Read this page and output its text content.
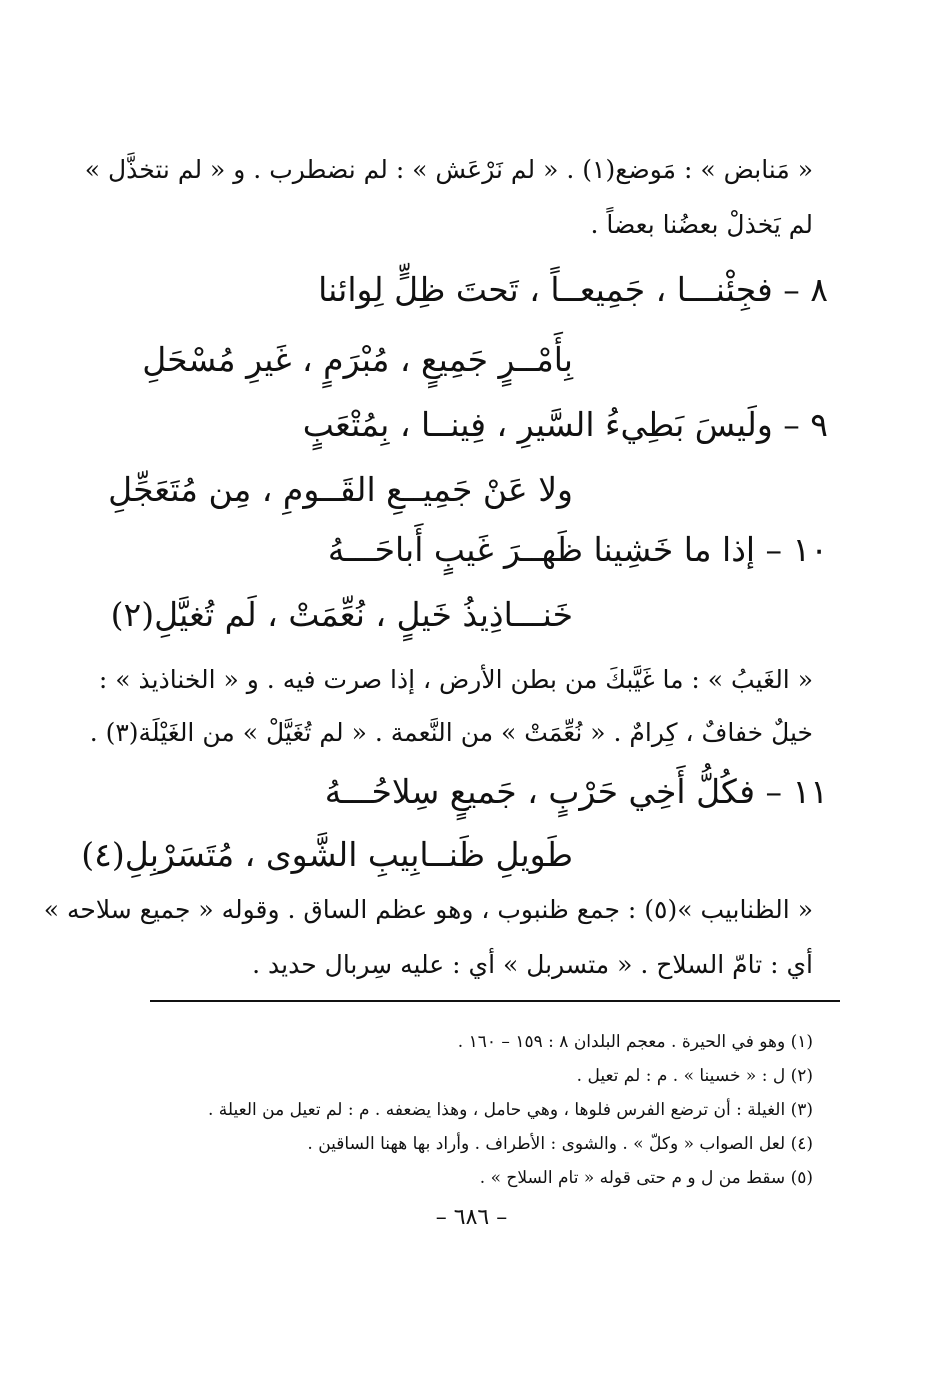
« مَنابض » : مَوضع(١) . « لم نَرْعَش » : لم نضطرب . و « لم نتخذَّل »
لم يَخذلْ بعضُنا بعضاً .
٨ – فجِئْنـــا ، جَمِيعــاً ، تَحتَ ظِلٍّ لِوائنا
بِأَمْــرٍ جَمِيعٍ ، مُبْرَمٍ ، غَيرِ مُسْحَلِ
٩ – ولَيسَ بَطِيءُ السَّيرِ ، فِينــا ، بِمُتْعَبٍ
ولا عَنْ جَمِيــعِ القَــومِ ، مِن مُتَعَجِّلِ
١٠ – إذا ما خَشِينا ظَهــرَ غَيبٍ أَباحَـــهُ
خَنـــاذِيذُ خَيلٍ ، نُعِّمَتْ ، لَم تُغيَّلِ(٢)
« الغَيبُ » : ما غَيَّبكَ من بطن الأرض ، إذا صرت فيه . و « الخناذيذ » :
خيلٌ خفافٌ ، كِرامٌ . « نُعِّمَتْ » من النَّعمة . « لم تُغَيَّلْ » من الغَيْلَة(٣) .
١١ – فكُلُّ أَخِي حَرْبٍ ، جَميعٍ سِلاحُـــهُ
طَويلِ ظَنــابِيبِ الشَّوى ، مُتَسَرْبِلِ(٤)
« الظنابيب »(٥) : جمع ظنبوب ، وهو عظم الساق . وقوله « جميع سلاحه »
أي : تامّ السلاح . « متسربل » أي : عليه سِربال حديد .
(١) وهو في الحيرة . معجم البلدان ٨ : ١٥٩ – ١٦٠ .
(٢) ل : « خسينا » . م : لم تعيل .
(٣) الغيلة : أن ترضع الفرس فلوها ، وهي حامل ، وهذا يضعفه . م : لم تعيل من العيلة .
(٤) لعل الصواب « وكلّ » . والشوى : الأطراف . وأراد بها ههنا الساقين .
(٥) سقط من ل و م حتى قوله « تام السلاح » .
– ٦٨٦ –
